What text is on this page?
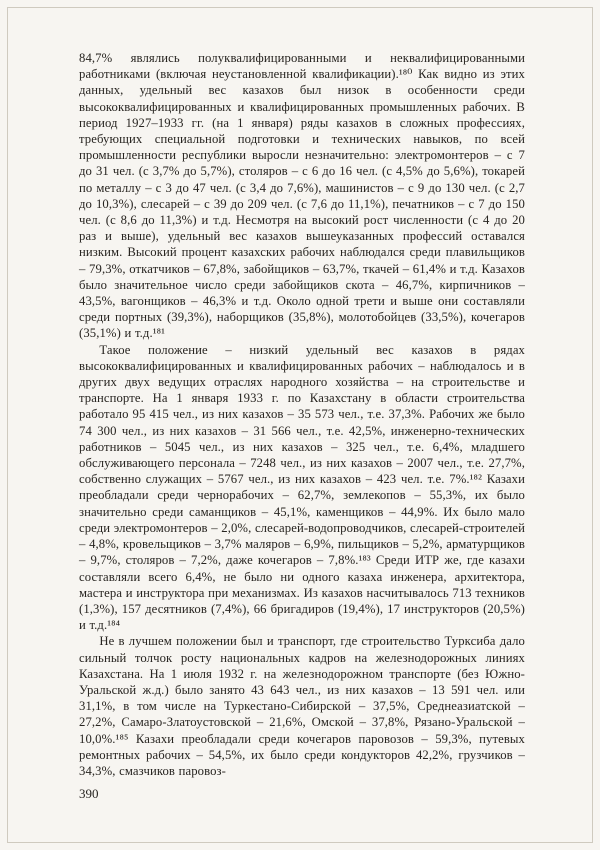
84,7% являлись полуквалифицированными и неквалифицированными работниками (включая неустановленной квалификации).¹⁸⁰ Как видно из этих данных, удельный вес казахов был низок в особенности среди высококвалифицированных и квалифицированных промышленных рабочих. В период 1927–1933 гг. (на 1 января) ряды казахов в сложных профессиях, требующих специальной подготовки и технических навыков, по всей промышленности республики выросли незначительно: электромонтеров – с 7 до 31 чел. (с 3,7% до 5,7%), столяров – с 6 до 16 чел. (с 4,5% до 5,6%), токарей по металлу – с 3 до 47 чел. (с 3,4 до 7,6%), машинистов – с 9 до 130 чел. (с 2,7 до 10,3%), слесарей – с 39 до 209 чел. (с 7,6 до 11,1%), печатников – с 7 до 150 чел. (с 8,6 до 11,3%) и т.д. Несмотря на высокий рост численности (с 4 до 20 раз и выше), удельный вес казахов вышеуказанных профессий оставался низким. Высокий процент казахских рабочих наблюдался среди плавильщиков – 79,3%, откатчиков – 67,8%, забойщиков – 63,7%, ткачей – 61,4% и т.д. Казахов было значительное число среди забойщиков скота – 46,7%, кирпичников – 43,5%, вагонщиков – 46,3% и т.д. Около одной трети и выше они составляли среди портных (39,3%), наборщиков (35,8%), молотобойцев (33,5%), кочегаров (35,1%) и т.д.¹⁸¹

Такое положение – низкий удельный вес казахов в рядах высококвалифицированных и квалифицированных рабочих – наблюдалось и в других двух ведущих отраслях народного хозяйства – на строительстве и транспорте. На 1 января 1933 г. по Казахстану в области строительства работало 95 415 чел., из них казахов – 35 573 чел., т.е. 37,3%. Рабочих же было 74 300 чел., из них казахов – 31 566 чел., т.е. 42,5%, инженерно-технических работников – 5045 чел., из них казахов – 325 чел., т.е. 6,4%, младшего обслуживающего персонала – 7248 чел., из них казахов – 2007 чел., т.е. 27,7%, собственно служащих – 5767 чел., из них казахов – 423 чел. т.е. 7%.¹⁸² Казахи преобладали среди чернорабочих – 62,7%, землекопов – 55,3%, их было значительно среди саманщиков – 45,1%, каменщиков – 44,9%. Их было мало среди электромонтеров – 2,0%, слесарей-водопроводчиков, слесарей-строителей – 4,8%, кровельщиков – 3,7% маляров – 6,9%, пильщиков – 5,2%, арматурщиков – 9,7%, столяров – 7,2%, даже кочегаров – 7,8%.¹⁸³ Среди ИТР же, где казахи составляли всего 6,4%, не было ни одного казаха инженера, архитектора, мастера и инструктора при механизмах. Из казахов насчитывалось 713 техников (1,3%), 157 десятников (7,4%), 66 бригадиров (19,4%), 17 инструкторов (20,5%) и т.д.¹⁸⁴

Не в лучшем положении был и транспорт, где строительство Турксиба дало сильный толчок росту национальных кадров на железнодорожных линиях Казахстана. На 1 июля 1932 г. на железнодорожном транспорте (без Южно-Уральской ж.д.) было занято 43 643 чел., из них казахов – 13 591 чел. или 31,1%, в том числе на Туркестано-Сибирской – 37,5%, Среднеазиатской – 27,2%, Самаро-Златоустовской – 21,6%, Омской – 37,8%, Рязано-Уральской – 10,0%.¹⁸⁵ Казахи преобладали среди кочегаров паровозов – 59,3%, путевых ремонтных рабочих – 54,5%, их было среди кондукторов 42,2%, грузчиков – 34,3%, смазчиков паровоз-

390
